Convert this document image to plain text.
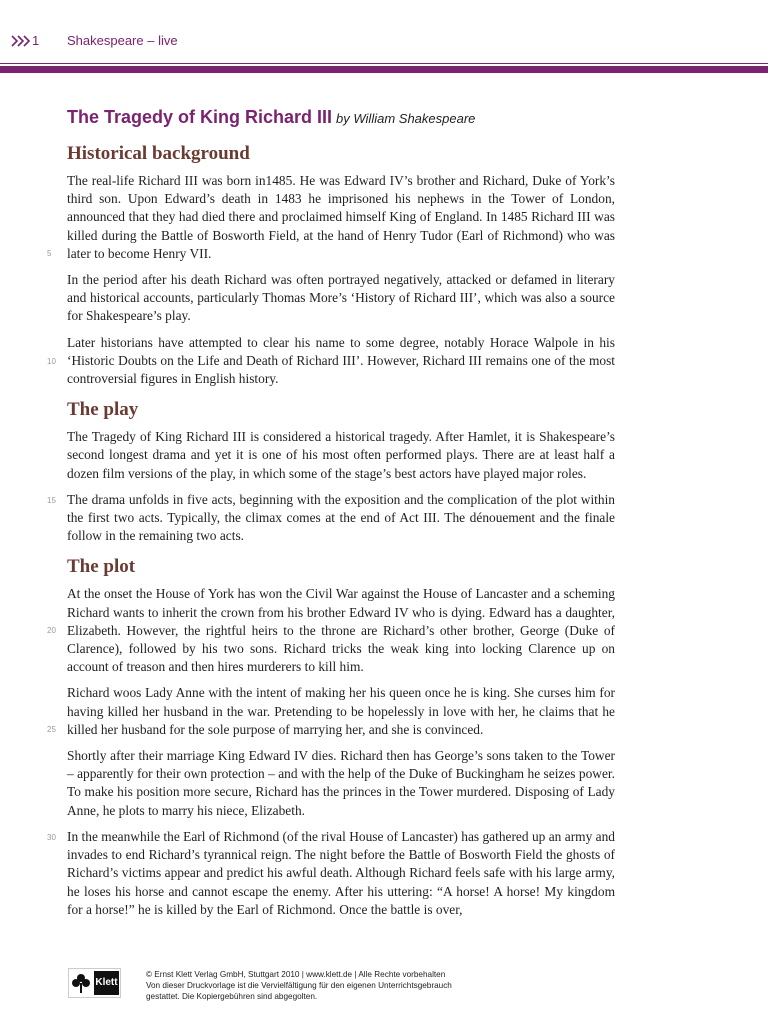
1 Shakespeare – live
The Tragedy of King Richard III by William Shakespeare
Historical background

5
The real-life Richard III was born in1485. He was Edward IV’s brother and Richard, Duke of York’s third son. Upon Edward’s death in 1483 he imprisoned his nephews in the Tower of London, announced that they had died there and proclaimed himself King of England. In 1485 Richard III was killed during the Battle of Bosworth Field, at the hand of Henry Tudor (Earl of Richmond) who was later to become Henry VII.

In the period after his death Richard was often portrayed negatively, attacked or defamed in literary and historical accounts, particularly Thomas More’s ‘History of Richard III’, which was also a source for Shakespeare’s play.

10
Later historians have attempted to clear his name to some degree, notably Horace Walpole in his ‘Historic Doubts on the Life and Death of Richard III’. However, Richard III remains one of the most controversial figures in English history.

The play

The Tragedy of King Richard III is considered a historical tragedy. After Hamlet, it is Shakespeare’s second longest drama and yet it is one of his most often performed plays. There are at least half a dozen film versions of the play, in which some of the stage’s best actors have played major roles.

15 The drama unfolds in five acts, beginning with the exposition and the complication of the plot within the first two acts. Typically, the climax comes at the end of Act III. The dénouement and the finale follow in the remaining two acts.

The plot

20
At the onset the House of York has won the Civil War against the House of Lancaster and a scheming Richard wants to inherit the crown from his brother Edward IV who is dying. Edward has a daughter, Elizabeth. However, the rightful heirs to the throne are Richard’s other brother, George (Duke of Clarence), followed by his two sons. Richard tricks the weak king into locking Clarence up on account of treason and then hires murderers to kill him.

25
Richard woos Lady Anne with the intent of making her his queen once he is king. She curses him for having killed her husband in the war. Pretending to be hopelessly in love with her, he claims that he killed her husband for the sole purpose of marrying her, and she is convinced.

Shortly after their marriage King Edward IV dies. Richard then has George’s sons taken to the Tower – apparently for their own protection – and with the help of the Duke of Buckingham he seizes power. To make his position more secure, Richard has the princes in the Tower murdered. Disposing of Lady Anne, he plots to marry his niece, Elizabeth.

30 In the meanwhile the Earl of Richmond (of the rival House of Lancaster) has gathered up an army and invades to end Richard’s tyrannical reign. The night before the Battle of Bosworth Field the ghosts of Richard’s victims appear and predict his awful death. Although Richard feels safe with his large army, he loses his horse and cannot escape the enemy. After his uttering: “A horse! A horse! My kingdom for a horse!” he is killed by the Earl of Richmond. Once the battle is over,

Klett
© Ernst Klett Verlag GmbH, Stuttgart 2010 | www.klett.de | Alle Rechte vorbehalten
Von dieser Druckvorlage ist die Vervielfältigung für den eigenen Unterrichtsgebrauch
gestattet. Die Kopiergebühren sind abgegolten.
